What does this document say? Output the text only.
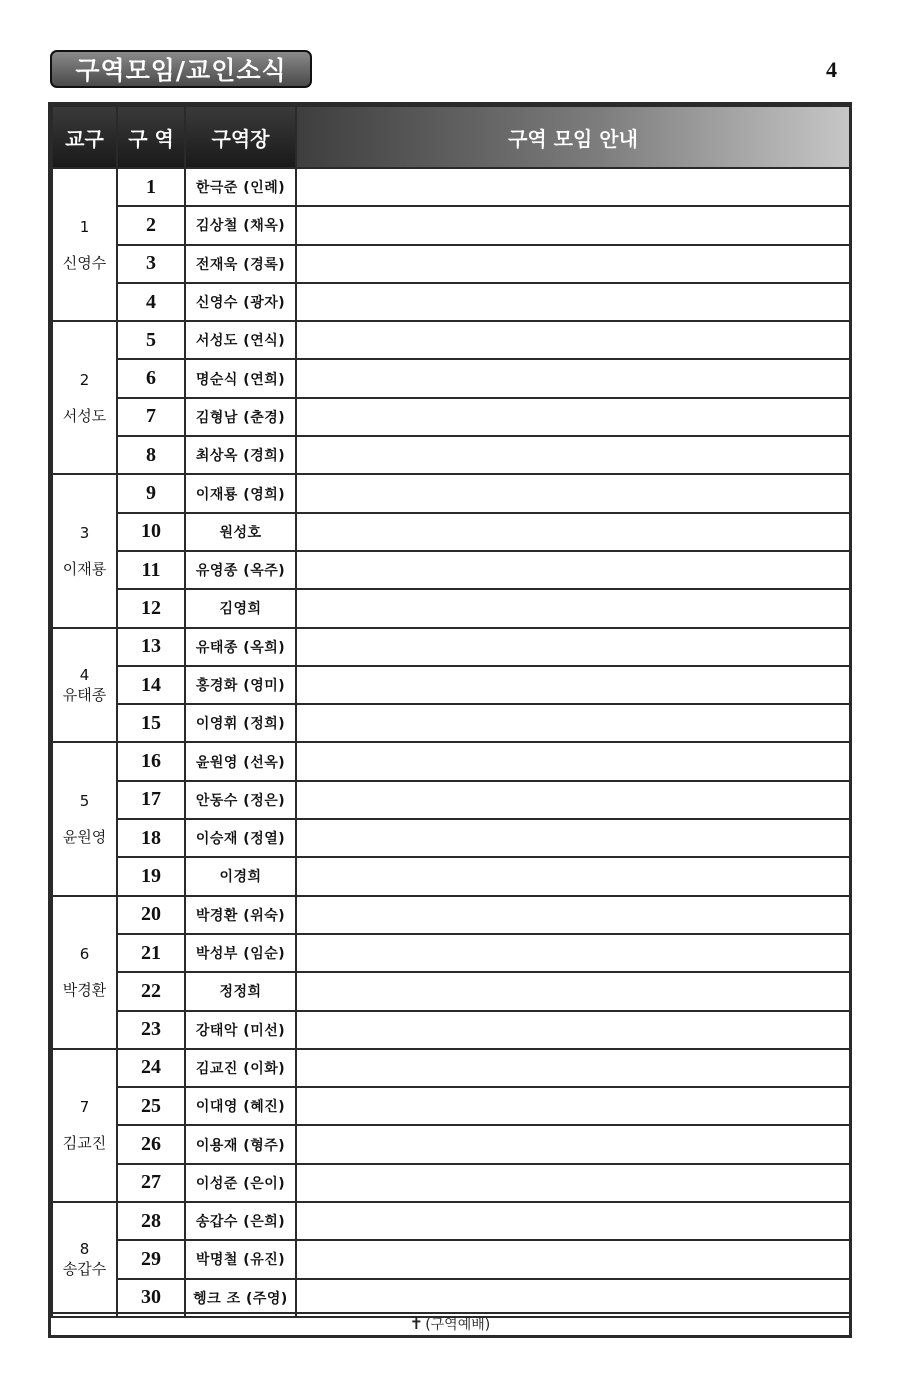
구역모임/교인소식	4
교구	구 역	구역장	구역 모임 안내

1
신영수	1	한극준 (인례)	
	2	김상철 (채옥)	
	3	전재욱 (경록)	
	4	신영수 (광자)	

2
서성도	5	서성도 (연식)	
	6	명순식 (연희)	
	7	김형남 (춘경)	
	8	최상옥 (경희)	

3
이재룡	9	이재룡 (영희)	
	10	원성호	
	11	유영종 (옥주)	
	12	김영희	

4
유태종	13	유태종 (옥희)	
	14	홍경화 (영미)	
	15	이영휘 (정희)	

5
윤원영	16	윤원영 (선옥)	
	17	안동수 (정은)	
	18	이승재 (정열)	
	19	이경희	

6
박경환	20	박경환 (위숙)	
	21	박성부 (임순)	
	22	정정희	
	23	강태악 (미선)	

7
김교진	24	김교진 (이화)	
	25	이대영 (혜진)	
	26	이용재 (형주)	
	27	이성준 (은이)	

8
송갑수	28	송갑수 (은희)	
	29	박명철 (유진)	
	30	헹크 조 (주영)	
✝ (구역예배)
